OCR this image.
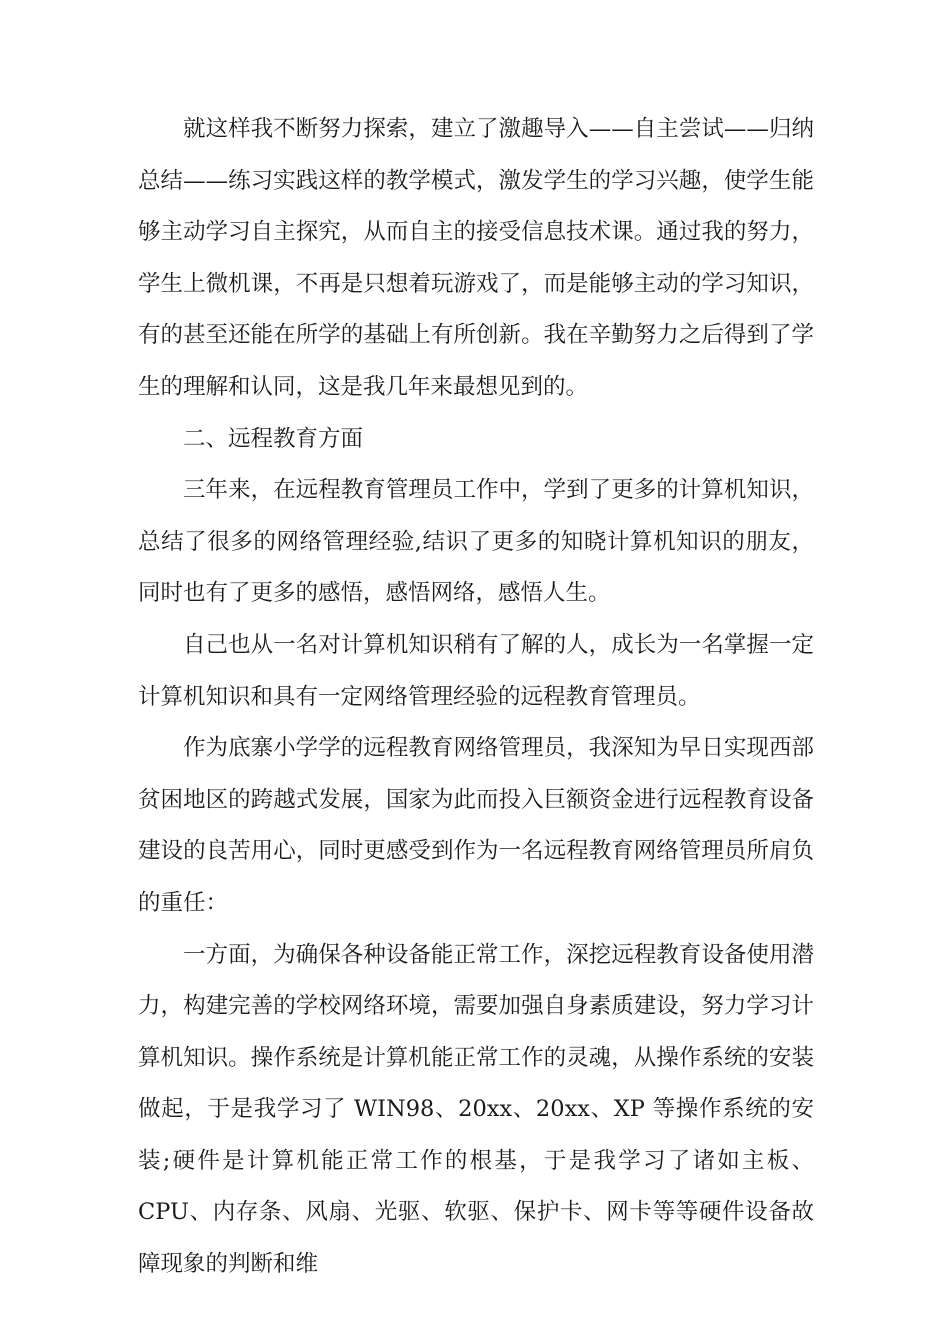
就这样我不断努力探索，建立了激趣导入——自主尝试——归纳总结——练习实践这样的教学模式，激发学生的学习兴趣，使学生能够主动学习自主探究，从而自主的接受信息技术课。通过我的努力，学生上微机课，不再是只想着玩游戏了，而是能够主动的学习知识，有的甚至还能在所学的基础上有所创新。我在辛勤努力之后得到了学生的理解和认同，这是我几年来最想见到的。

二、远程教育方面

三年来，在远程教育管理员工作中，学到了更多的计算机知识，总结了很多的网络管理经验,结识了更多的知晓计算机知识的朋友，同时也有了更多的感悟，感悟网络，感悟人生。

自己也从一名对计算机知识稍有了解的人，成长为一名掌握一定计算机知识和具有一定网络管理经验的远程教育管理员。

作为底寨小学学的远程教育网络管理员，我深知为早日实现西部贫困地区的跨越式发展，国家为此而投入巨额资金进行远程教育设备建设的良苦用心，同时更感受到作为一名远程教育网络管理员所肩负的重任：

一方面，为确保各种设备能正常工作，深挖远程教育设备使用潜力，构建完善的学校网络环境，需要加强自身素质建设，努力学习计算机知识。操作系统是计算机能正常工作的灵魂，从操作系统的安装做起，于是我学习了 WIN98、20xx、20xx、XP 等操作系统的安装;硬件是计算机能正常工作的根基，于是我学习了诸如主板、CPU、内存条、风扇、光驱、软驱、保护卡、网卡等等硬件设备故障现象的判断和维
